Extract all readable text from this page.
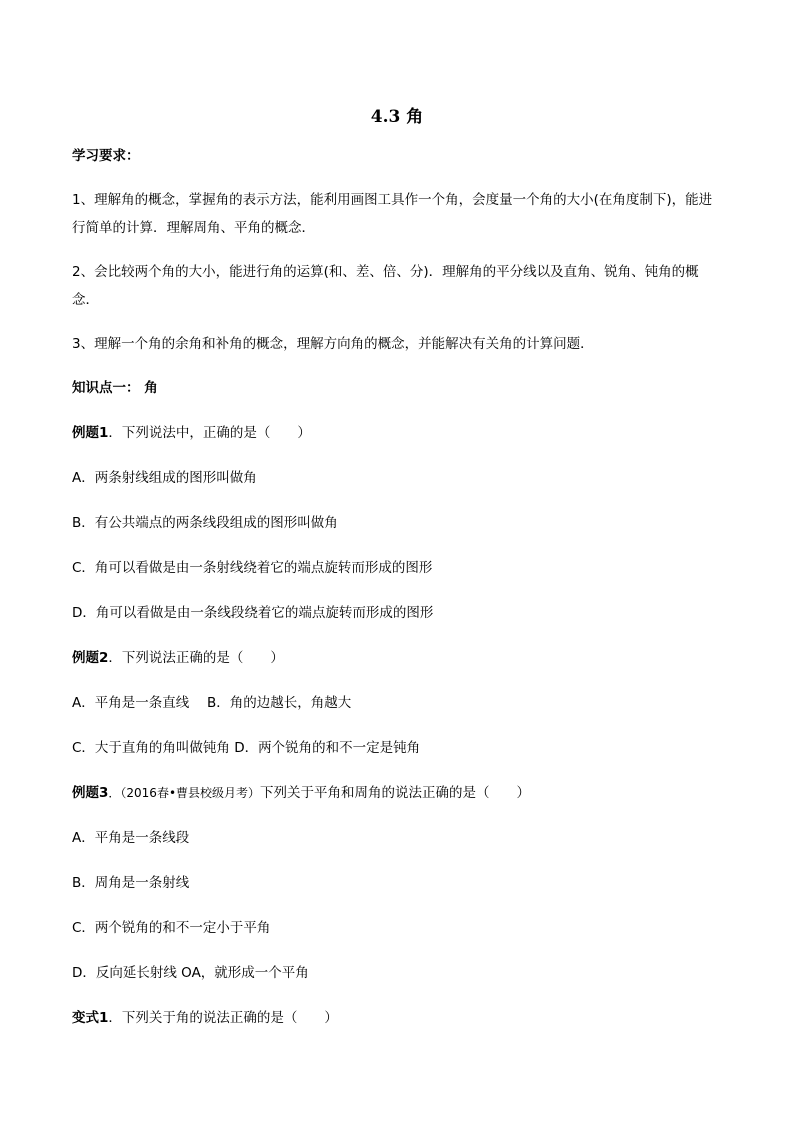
4.3 角
学习要求：
1、理解角的概念，掌握角的表示方法，能利用画图工具作一个角，会度量一个角的大小(在角度制下)，能进行简单的计算．理解周角、平角的概念．
2、会比较两个角的大小，能进行角的运算(和、差、倍、分)．理解角的平分线以及直角、锐角、钝角的概念．
3、理解一个角的余角和补角的概念，理解方向角的概念，并能解决有关角的计算问题．
知识点一： 角
例题1．下列说法中，正确的是（　　）
A．两条射线组成的图形叫做角
B．有公共端点的两条线段组成的图形叫做角
C．角可以看做是由一条射线绕着它的端点旋转而形成的图形
D．角可以看做是由一条线段绕着它的端点旋转而形成的图形
例题2．下列说法正确的是（　　）
A．平角是一条直线　 B．角的边越长，角越大
C．大于直角的角叫做钝角 D．两个锐角的和不一定是钝角
例题3．（2016春•曹县校级月考）下列关于平角和周角的说法正确的是（　　）
A．平角是一条线段
B．周角是一条射线
C．两个锐角的和不一定小于平角
D．反向延长射线 OA，就形成一个平角
变式1．下列关于角的说法正确的是（　　）
